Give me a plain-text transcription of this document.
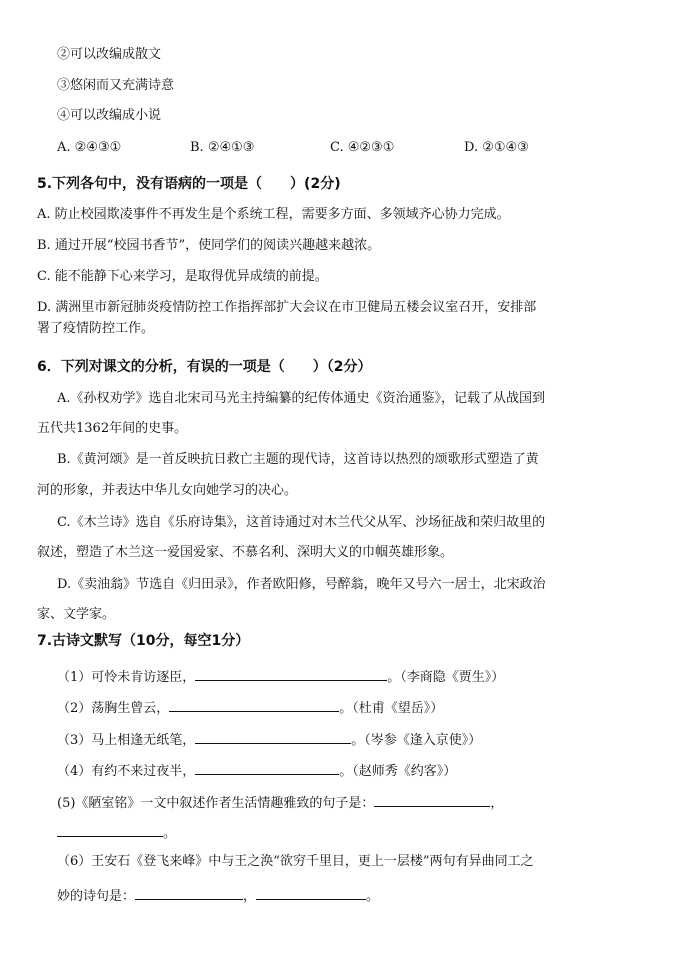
②可以改编成散文
③悠闲而又充满诗意
④可以改编成小说
A. ②④③①	B. ②④①③	C. ④②③①	D. ②①④③
5.下列各句中，没有语病的一项是（　　）(2分)
A. 防止校园欺凌事件不再发生是个系统工程，需要多方面、多领域齐心协力完成。
B. 通过开展“校园书香节”，使同学们的阅读兴趣越来越浓。
C. 能不能静下心来学习，是取得优异成绩的前提。
D. 满洲里市新冠肺炎疫情防控工作指挥部扩大会议在市卫健局五楼会议室召开，安排部
署了疫情防控工作。
6．下列对课文的分析，有误的一项是（　　）（2分）
A.《孙权劝学》选自北宋司马光主持编纂的纪传体通史《资治通鉴》，记载了从战国到
五代共1362年间的史事。
B.《黄河颂》是一首反映抗日救亡主题的现代诗，这首诗以热烈的颂歌形式塑造了黄
河的形象，并表达中华儿女向她学习的决心。
C.《木兰诗》选自《乐府诗集》，这首诗通过对木兰代父从军、沙场征战和荣归故里的
叙述，塑造了木兰这一爱国爱家、不慕名利、深明大义的巾帼英雄形象。
D.《卖油翁》节选自《归田录》，作者欧阳修，号醉翁，晚年又号六一居士，北宋政治
家、文学家。
7.古诗文默写（10分，每空1分）
（1）可怜未肯访逐臣，	。（李商隐《贾生》）
（2）荡胸生曾云，	。（杜甫《望岳》）
（3）马上相逢无纸笔，	。（岑参《逢入京使》）
（4）有约不来过夜半，	。（赵师秀《约客》）
(5)《陋室铭》一文中叙述作者生活情趣雅致的句子是：	，
。
（6）王安石《登飞来峰》中与王之涣“欲穷千里目，更上一层楼”两句有异曲同工之
妙的诗句是：	，	。
